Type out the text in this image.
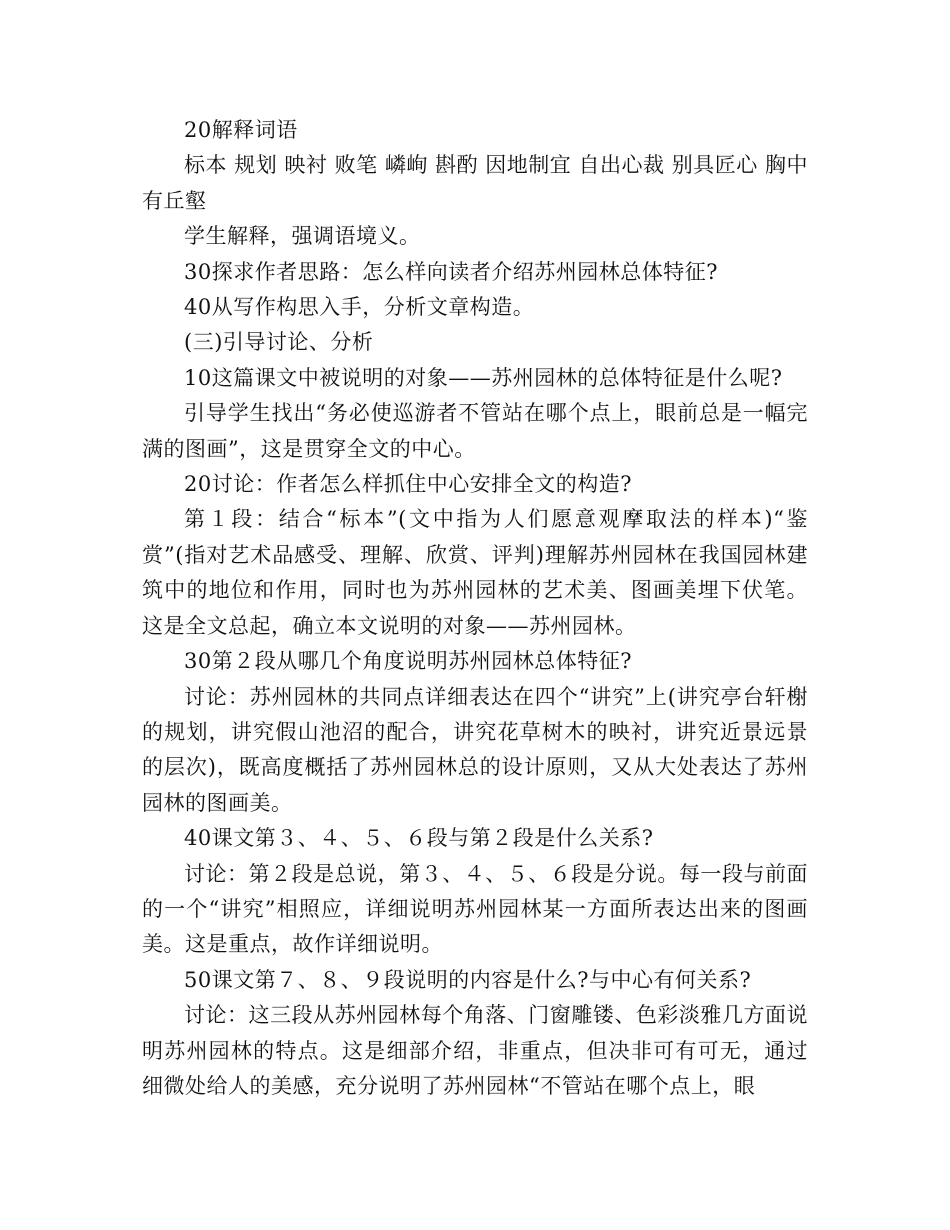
20解释词语

标本 规划 映衬 败笔 嶙峋 斟酌 因地制宜 自出心裁 别具匠心 胸中有丘壑

学生解释，强调语境义。

30探求作者思路：怎么样向读者介绍苏州园林总体特征?

40从写作构思入手，分析文章构造。

(三)引导讨论、分析

10这篇课文中被说明的对象——苏州园林的总体特征是什么呢?

引导学生找出“务必使巡游者不管站在哪个点上，眼前总是一幅完满的图画”，这是贯穿全文的中心。

20讨论：作者怎么样抓住中心安排全文的构造?

第１段：结合“标本”(文中指为人们愿意观摩取法的样本)“鉴赏”(指对艺术品感受、理解、欣赏、评判)理解苏州园林在我国园林建筑中的地位和作用，同时也为苏州园林的艺术美、图画美埋下伏笔。这是全文总起，确立本文说明的对象——苏州园林。

30第２段从哪几个角度说明苏州园林总体特征?

讨论：苏州园林的共同点详细表达在四个“讲究”上(讲究亭台轩榭的规划，讲究假山池沼的配合，讲究花草树木的映衬，讲究近景远景的层次)，既高度概括了苏州园林总的设计原则，又从大处表达了苏州园林的图画美。

40课文第３、４、５、６段与第２段是什么关系?

讨论：第２段是总说，第３、４、５、６段是分说。每一段与前面的一个“讲究”相照应，详细说明苏州园林某一方面所表达出来的图画美。这是重点，故作详细说明。

50课文第７、８、９段说明的内容是什么?与中心有何关系?

讨论：这三段从苏州园林每个角落、门窗雕镂、色彩淡雅几方面说明苏州园林的特点。这是细部介绍，非重点，但决非可有可无，通过细微处给人的美感，充分说明了苏州园林“不管站在哪个点上，眼
